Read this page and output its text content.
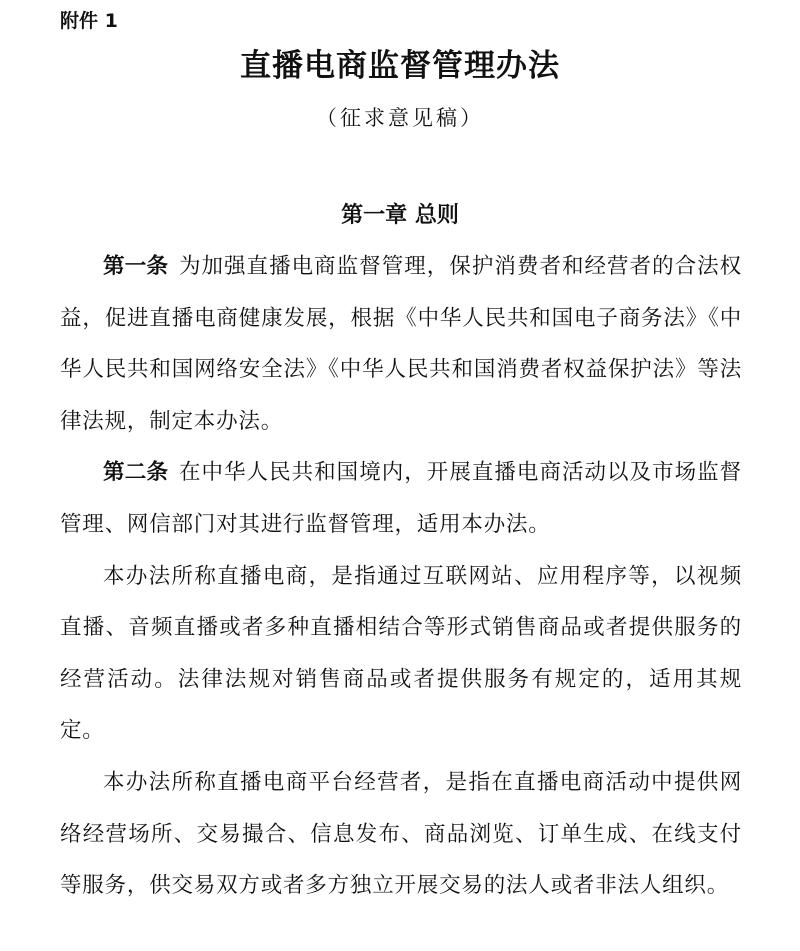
附件 1
直播电商监督管理办法
（征求意见稿）
第一章 总则

第一条 为加强直播电商监督管理，保护消费者和经营者的合法权益，促进直播电商健康发展，根据《中华人民共和国电子商务法》《中华人民共和国网络安全法》《中华人民共和国消费者权益保护法》等法律法规，制定本办法。

第二条 在中华人民共和国境内，开展直播电商活动以及市场监督管理、网信部门对其进行监督管理，适用本办法。

本办法所称直播电商，是指通过互联网站、应用程序等，以视频直播、音频直播或者多种直播相结合等形式销售商品或者提供服务的经营活动。法律法规对销售商品或者提供服务有规定的，适用其规定。

本办法所称直播电商平台经营者，是指在直播电商活动中提供网络经营场所、交易撮合、信息发布、商品浏览、订单生成、在线支付等服务，供交易双方或者多方独立开展交易的法人或者非法人组织。
